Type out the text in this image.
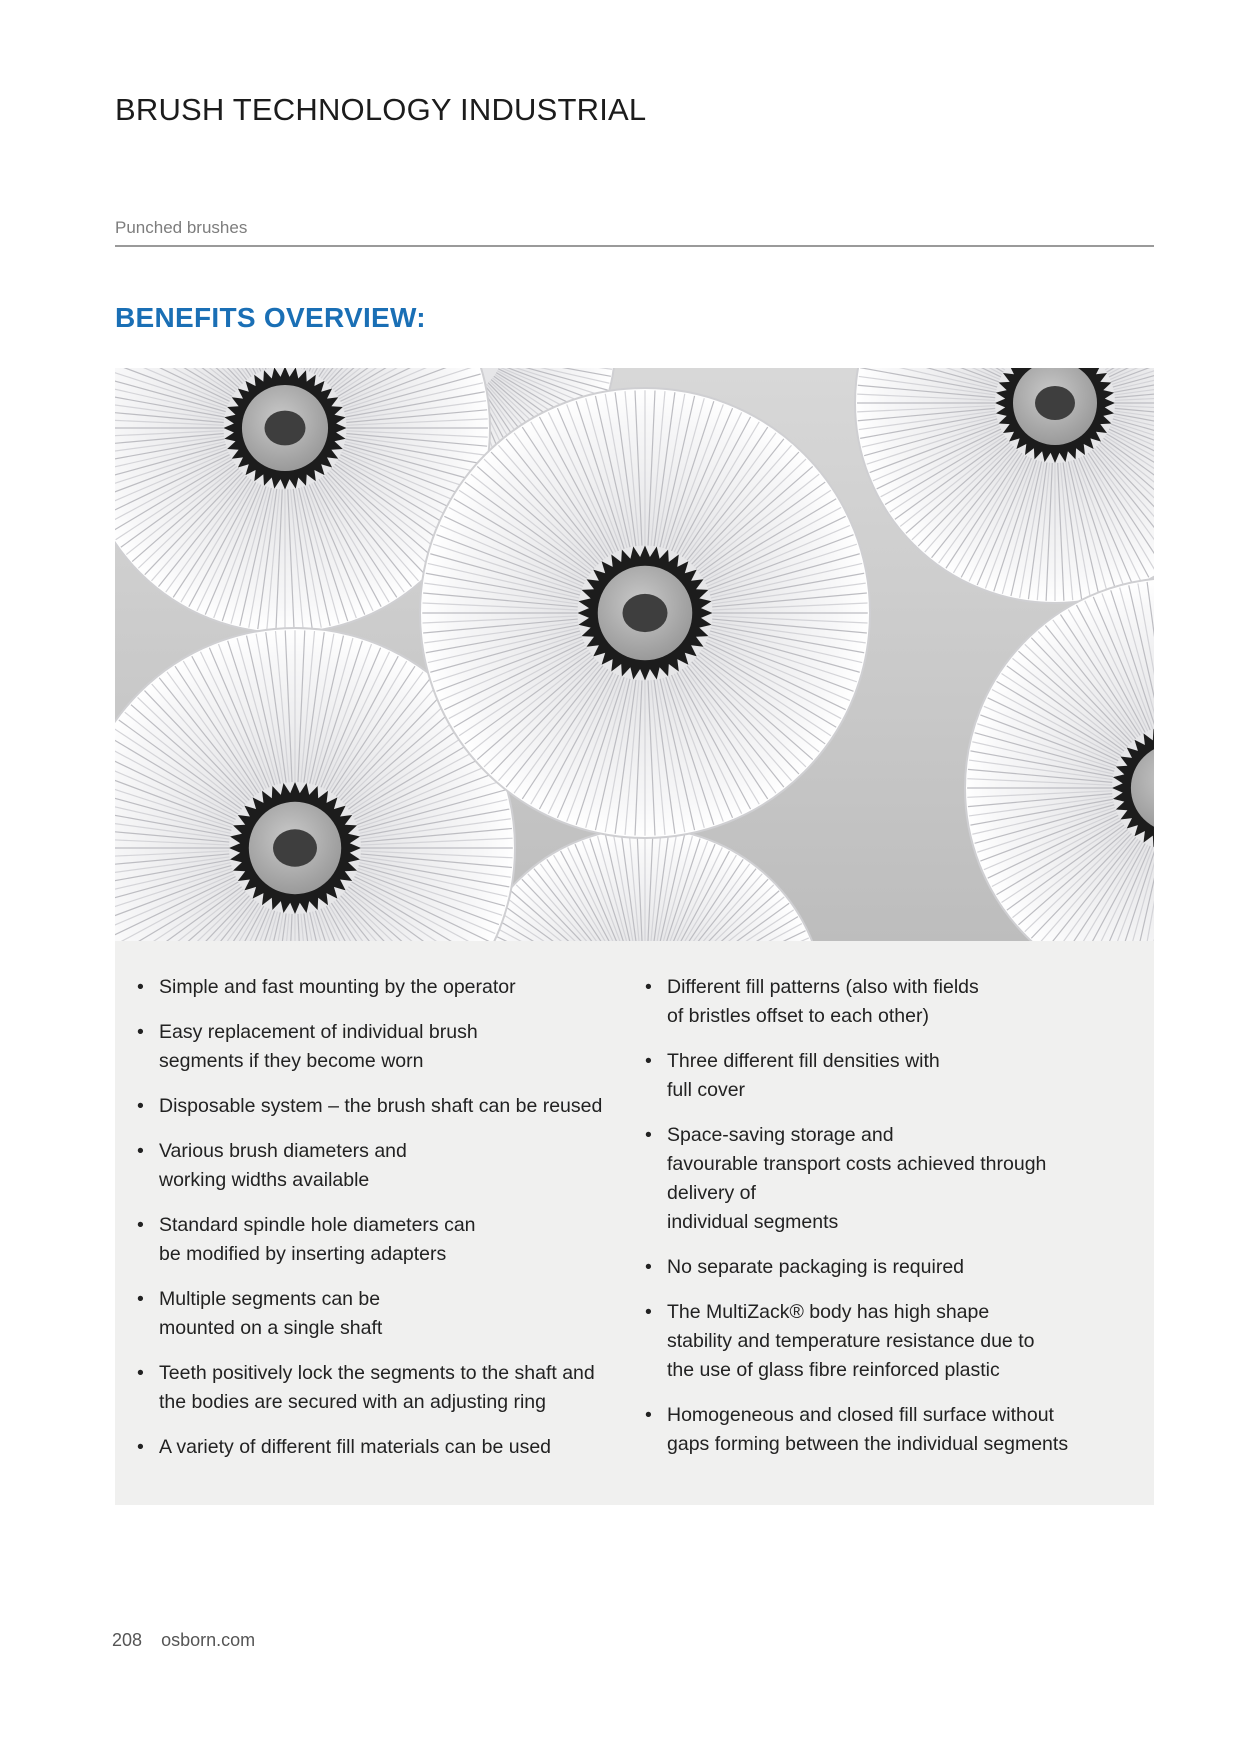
BRUSH TECHNOLOGY INDUSTRIAL
Punched brushes
BENEFITS OVERVIEW:
• Simple and fast mounting by the operator
• Easy replacement of individual brush
segments if they become worn
• Disposable system – the brush shaft can be reused
• Various brush diameters and
working widths available
• Standard spindle hole diameters can
be modified by inserting adapters
• Multiple segments can be
mounted on a single shaft
• Teeth positively lock the segments to the shaft and
the bodies are secured with an adjusting ring
• A variety of different fill materials can be used
• Different fill patterns (also with fields
of bristles offset to each other)
• Three different fill densities with
full cover
• Space-saving storage and
favourable transport costs achieved through
delivery of
individual segments
• No separate packaging is required
• The MultiZack® body has high shape
stability and temperature resistance due to
the use of glass fibre reinforced plastic
• Homogeneous and closed fill surface without
gaps forming between the individual segments
208 osborn.com
